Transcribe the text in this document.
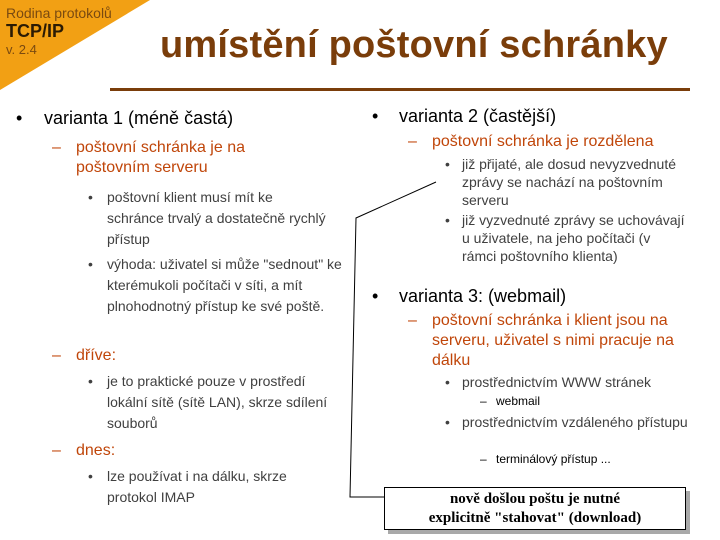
Rodina protokolů
TCP/IP
v. 2.4	umístění poštovní schránky
• varianta 1 (méně častá)
– poštovní schránka je na poštovním serveru
• poštovní klient musí mít ke schránce trvalý a dostatečně rychlý přístup
• výhoda: uživatel si může "sednout" ke kterémukoli počítači v síti, a mít plnohodnotný přístup ke své poště.
– dříve:
• je to praktické pouze v prostředí lokální sítě (sítě LAN), skrze sdílení souborů
– dnes:
• lze používat i na dálku, skrze protokol IMAP
• varianta 2 (častější)
– poštovní schránka je rozdělena
• již přijaté, ale dosud nevyzvednuté zprávy se nachází na poštovním serveru
• již vyzvednuté zprávy se uchovávají u uživatele, na jeho počítači (v rámci poštovního klienta)
• varianta 3: (webmail)
– poštovní schránka i klient jsou na serveru, uživatel s nimi pracuje na dálku
• prostřednictvím WWW stránek
– webmail
• prostřednictvím vzdáleného přístupu
– terminálový přístup ...
nově došlou poštu je nutné
explicitně "stahovat" (download)
